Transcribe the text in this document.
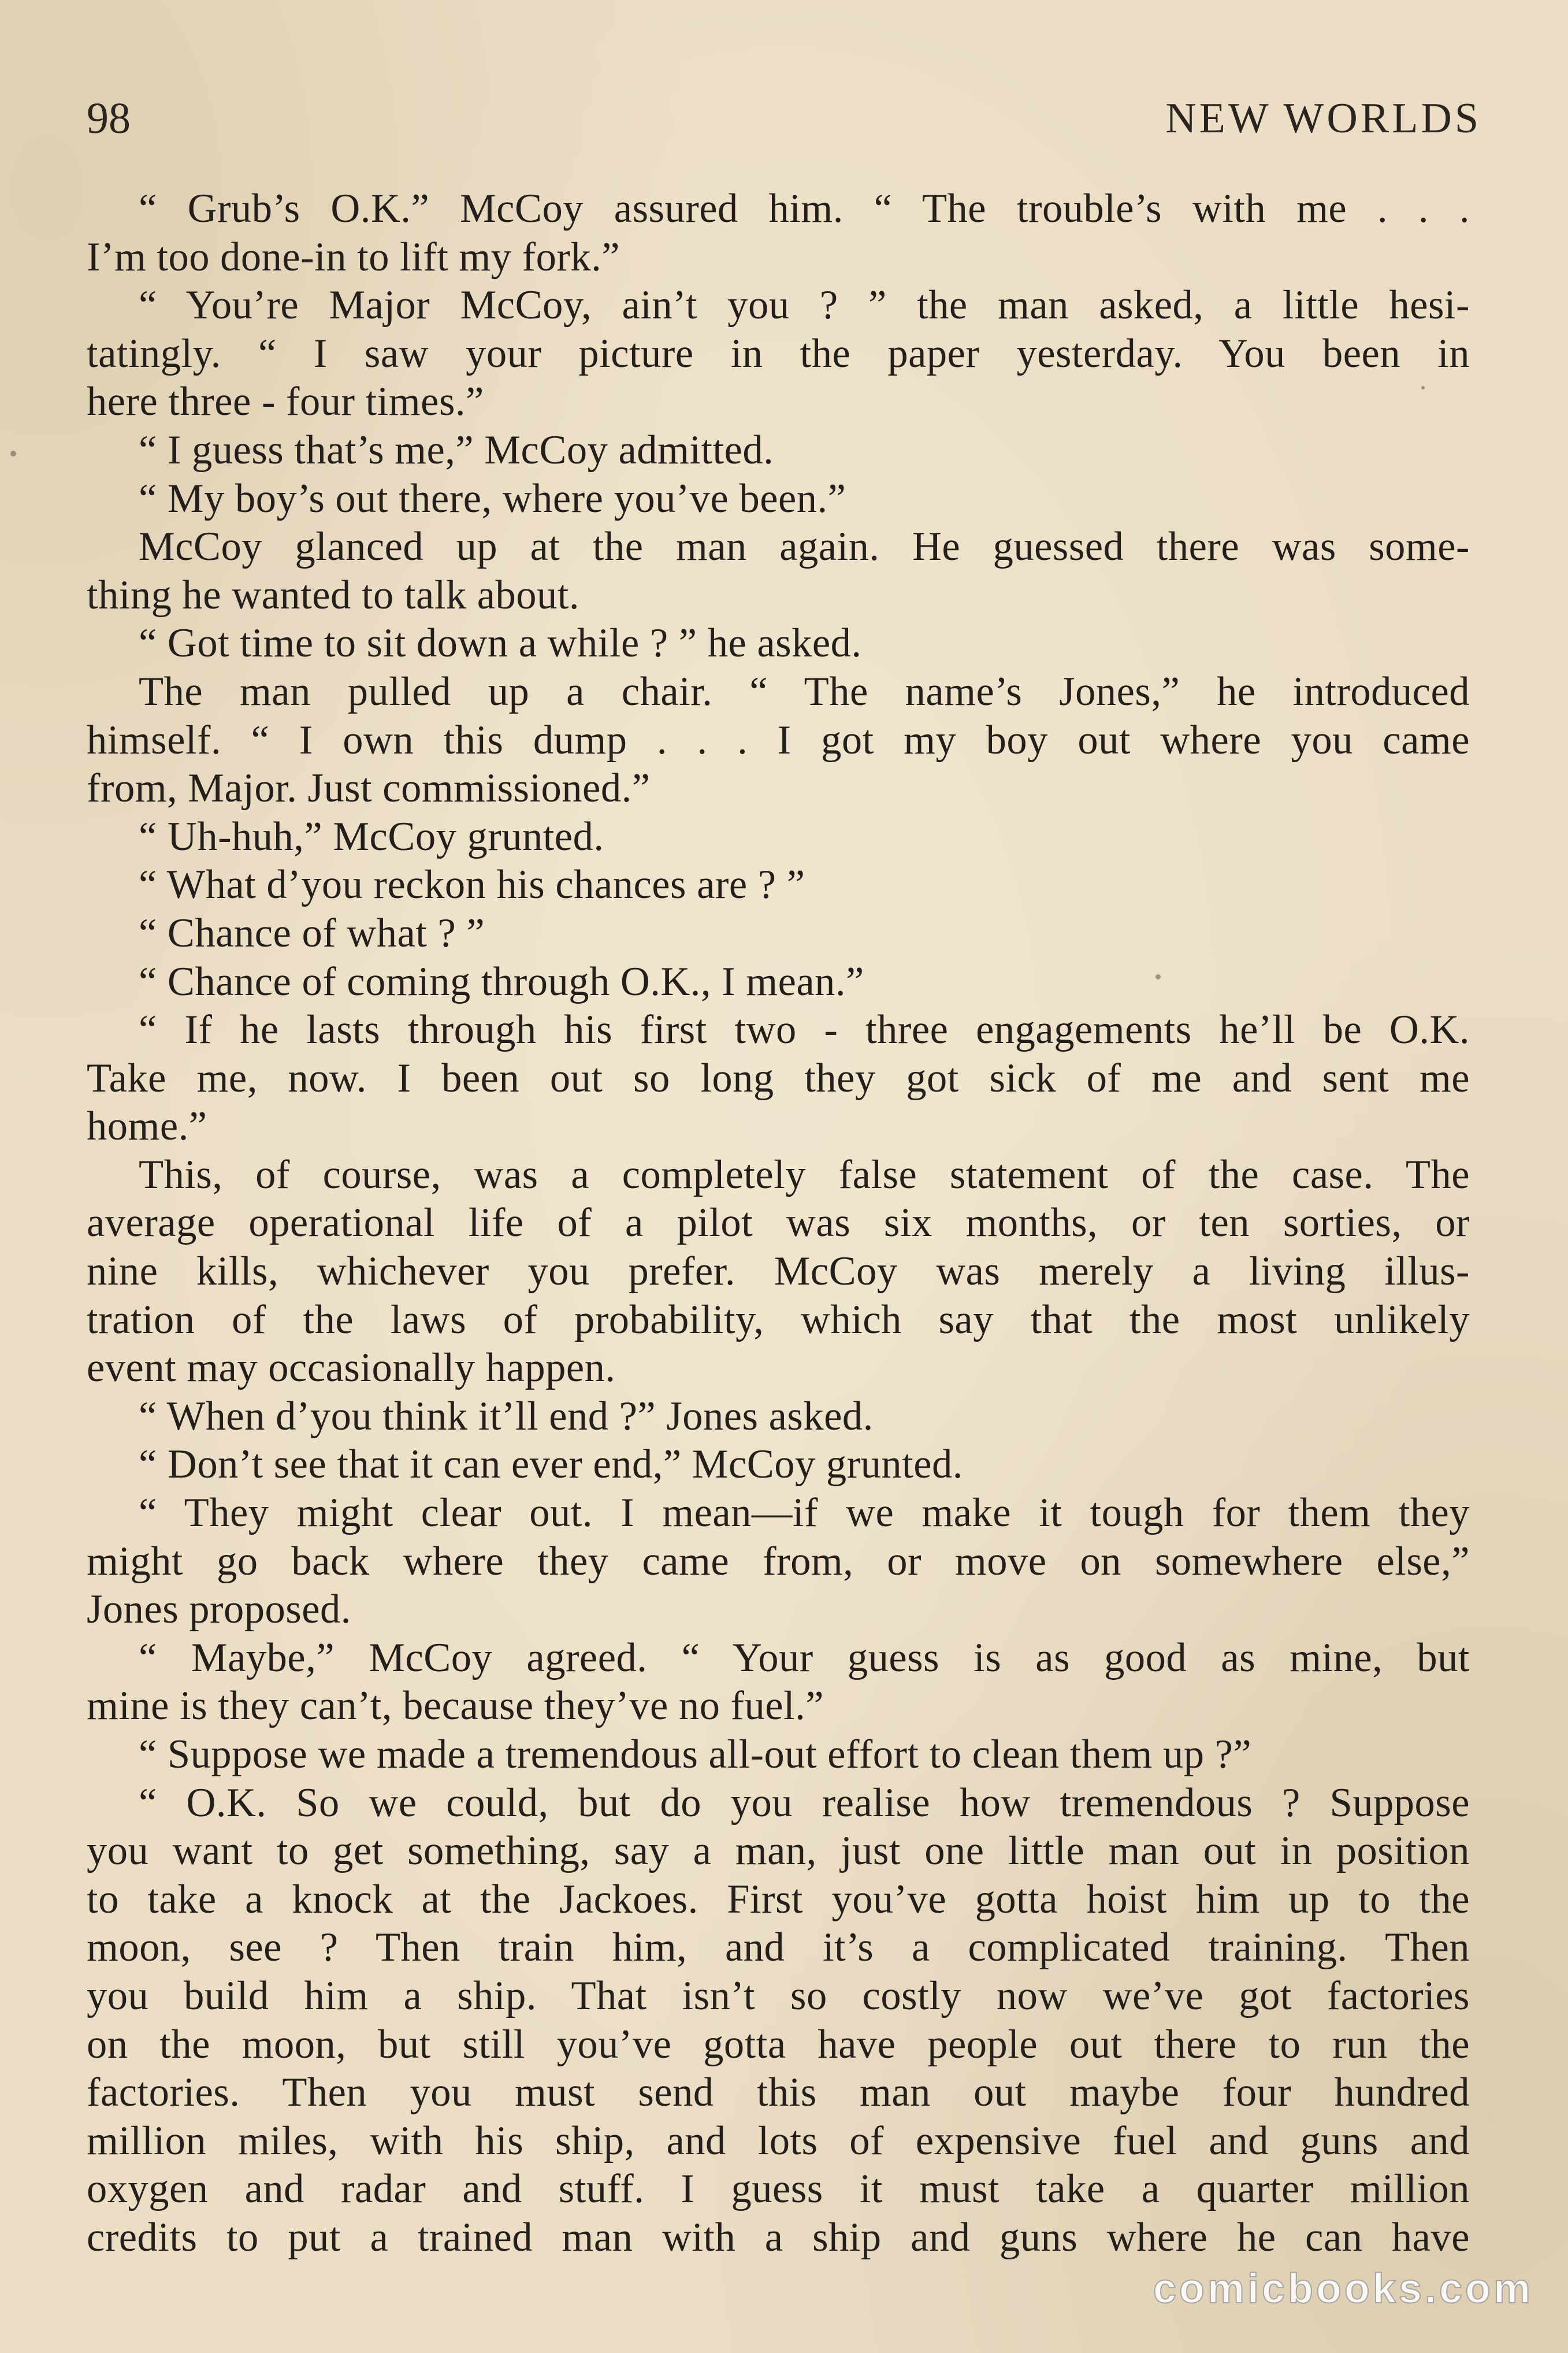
98	NEW WORLDS
“ Grub’s O.K.” McCoy assured him. “ The trouble’s with me . . .
I’m too done-in to lift my fork.”
“ You’re Major McCoy, ain’t you ? ” the man asked, a little hesi-
tatingly. “ I saw your picture in the paper yesterday. You been in
here three - four times.”
“ I guess that’s me,” McCoy admitted.
“ My boy’s out there, where you’ve been.”
McCoy glanced up at the man again. He guessed there was some-
thing he wanted to talk about.
“ Got time to sit down a while ? ” he asked.
The man pulled up a chair. “ The name’s Jones,” he introduced
himself. “ I own this dump . . . I got my boy out where you came
from, Major. Just commissioned.”
“ Uh-huh,” McCoy grunted.
“ What d’you reckon his chances are ? ”
“ Chance of what ? ”
“ Chance of coming through O.K., I mean.”
“ If he lasts through his first two - three engagements he’ll be O.K.
Take me, now. I been out so long they got sick of me and sent me
home.”
This, of course, was a completely false statement of the case. The
average operational life of a pilot was six months, or ten sorties, or
nine kills, whichever you prefer. McCoy was merely a living illus-
tration of the laws of probability, which say that the most unlikely
event may occasionally happen.
“ When d’you think it’ll end ?” Jones asked.
“ Don’t see that it can ever end,” McCoy grunted.
“ They might clear out. I mean—if we make it tough for them they
might go back where they came from, or move on somewhere else,”
Jones proposed.
“ Maybe,” McCoy agreed. “ Your guess is as good as mine, but
mine is they can’t, because they’ve no fuel.”
“ Suppose we made a tremendous all-out effort to clean them up ?”
“ O.K. So we could, but do you realise how tremendous ? Suppose
you want to get something, say a man, just one little man out in position
to take a knock at the Jackoes. First you’ve gotta hoist him up to the
moon, see ? Then train him, and it’s a complicated training. Then
you build him a ship. That isn’t so costly now we’ve got factories
on the moon, but still you’ve gotta have people out there to run the
factories. Then you must send this man out maybe four hundred
million miles, with his ship, and lots of expensive fuel and guns and
oxygen and radar and stuff. I guess it must take a quarter million
credits to put a trained man with a ship and guns where he can have
comicbooks.com
